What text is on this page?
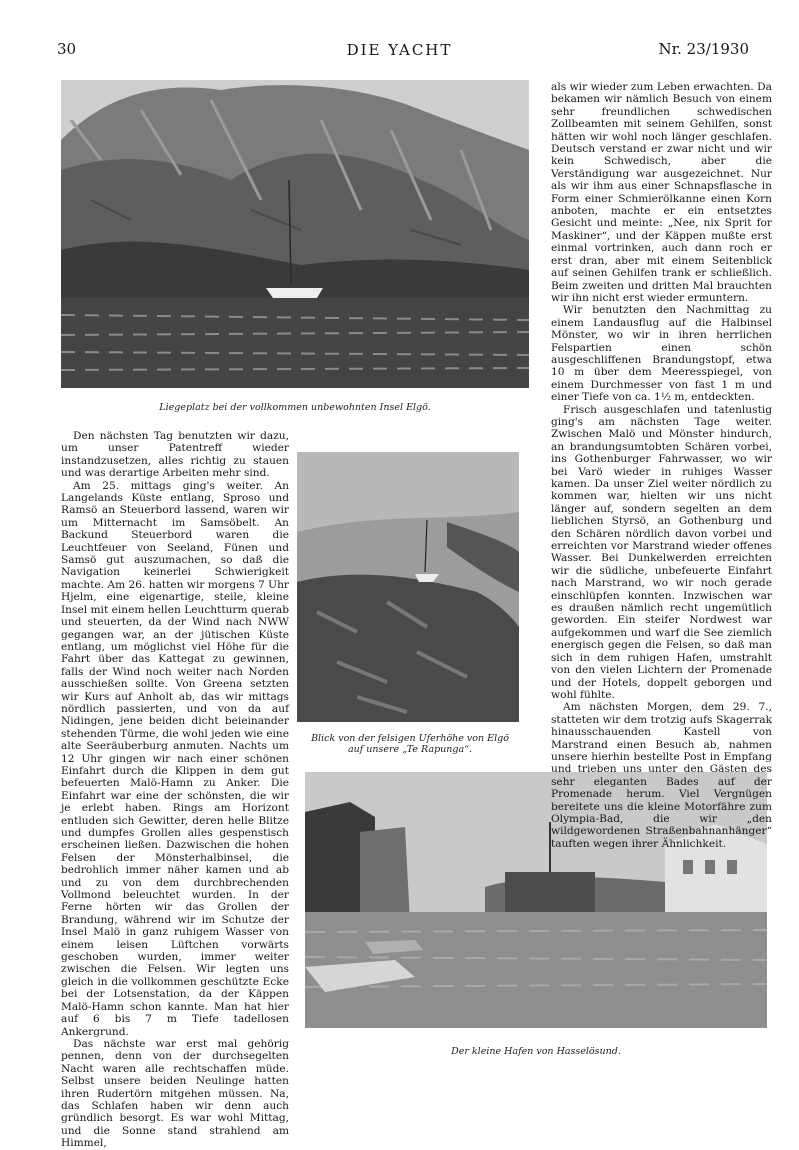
30	DIE YACHT	Nr. 23/1930
Liegeplatz bei der vollkommen unbewohnten Insel Elgö.
Blick von der felsigen Uferhöhe von Elgö
auf unsere „Te Rapunga“.
Der kleine Hafen von Hasselösund.

Den nächsten Tag benutzten wir dazu, um unser Patentreff wieder instandzusetzen, alles richtig zu stauen und was derartige Arbeiten mehr sind.

Am 25. mittags ging's weiter. An Langelands Küste entlang, Sproso und Ramsö an Steuerbord lassend, waren wir um Mitternacht im Samsöbelt. An Backund Steuerbord waren die Leuchtfeuer von Seeland, Fünen und Samsö gut auszumachen, so daß die Navigation keinerlei Schwierigkeit machte. Am 26. hatten wir morgens 7 Uhr Hjelm, eine eigenartige, steile, kleine Insel mit einem hellen Leuchtturm querab und steuerten, da der Wind nach NWW gegangen war, an der jütischen Küste entlang, um möglichst viel Höhe für die Fahrt über das Kattegat zu gewinnen, falls der Wind noch weiter nach Norden ausschießen sollte. Von Greena setzten wir Kurs auf Anholt ab, das wir mittags nördlich passierten, und von da auf Nidingen, jene beiden dicht beieinander stehenden Türme, die wohl jeden wie eine alte Seeräuberburg anmuten. Nachts um 12 Uhr gingen wir nach einer schönen Einfahrt durch die Klippen in dem gut befeuerten Malö-Hamn zu Anker. Die Einfahrt war eine der schönsten, die wir je erlebt haben. Rings am Horizont entluden sich Gewitter, deren helle Blitze und dumpfes Grollen alles gespenstisch erscheinen ließen. Dazwischen die hohen Felsen der Mönsterhalbinsel, die bedrohlich immer näher kamen und ab und zu von dem durchbrechenden Vollmond beleuchtet wurden. In der Ferne hörten wir das Grollen der Brandung, während wir im Schutze der Insel Malö in ganz ruhigem Wasser von einem leisen Lüftchen vorwärts geschoben wurden, immer weiter zwischen die Felsen. Wir legten uns gleich in die vollkommen geschützte Ecke bei der Lotsenstation, da der Käppen Malö-Hamn schon kannte. Man hat hier auf 6 bis 7 m Tiefe tadellosen Ankergrund.

Das nächste war erst mal gehörig pennen, denn von der durchsegelten Nacht waren alle rechtschaffen müde. Selbst unsere beiden Neulinge hatten ihren Rudertörn mitgehen müssen. Na, das Schlafen haben wir denn auch gründlich besorgt. Es war wohl Mittag, und die Sonne stand strahlend am Himmel,

als wir wieder zum Leben erwachten. Da bekamen wir nämlich Besuch von einem sehr freundlichen schwedischen Zollbeamten mit seinem Gehilfen, sonst hätten wir wohl noch länger geschlafen. Deutsch verstand er zwar nicht und wir kein Schwedisch, aber die Verständigung war ausgezeichnet. Nur als wir ihm aus einer Schnapsflasche in Form einer Schmierölkanne einen Korn anboten, machte er ein entsetztes Gesicht und meinte: „Nee, nix Sprit for Maskiner“, und der Käppen mußte erst einmal vortrinken, auch dann roch er erst dran, aber mit einem Seitenblick auf seinen Gehilfen trank er schließlich. Beim zweiten und dritten Mal brauchten wir ihn nicht erst wieder ermuntern.

Wir benutzten den Nachmittag zu einem Landausflug auf die Halbinsel Mönster, wo wir in ihren herrlichen Felspartien einen schön ausgeschliffenen Brandungstopf, etwa 10 m über dem Meeresspiegel, von einem Durchmesser von fast 1 m und einer Tiefe von ca. 1½ m, entdeckten.

Frisch ausgeschlafen und tatenlustig ging's am nächsten Tage weiter. Zwischen Malö und Mönster hindurch, an brandungsumtobten Schären vorbei, ins Gothenburger Fahrwasser, wo wir bei Varö wieder in ruhiges Wasser kamen. Da unser Ziel weiter nördlich zu kommen war, hielten wir uns nicht länger auf, sondern segelten an dem lieblichen Styrsö, an Gothenburg und den Schären nördlich davon vorbei und erreichten vor Marstrand wieder offenes Wasser. Bei Dunkelwerden erreichten wir die südliche, unbefeuerte Einfahrt nach Marstrand, wo wir noch gerade einschlüpfen konnten. Inzwischen war es draußen nämlich recht ungemütlich geworden. Ein steifer Nordwest war aufgekommen und warf die See ziemlich energisch gegen die Felsen, so daß man sich in dem ruhigen Hafen, umstrahlt von den vielen Lichtern der Promenade und der Hotels, doppelt geborgen und wohl fühlte.

Am nächsten Morgen, dem 29. 7., statteten wir dem trotzig aufs Skagerrak hinausschauenden Kastell von Marstrand einen Besuch ab, nahmen unsere hierhin bestellte Post in Empfang und trieben uns unter den Gästen des sehr eleganten Bades auf der Promenade herum. Viel Vergnügen bereitete uns die kleine Motorfähre zum Olympia-Bad, die wir „den wildgewordenen Straßenbahnanhänger“ tauften wegen ihrer Ähnlichkeit.
